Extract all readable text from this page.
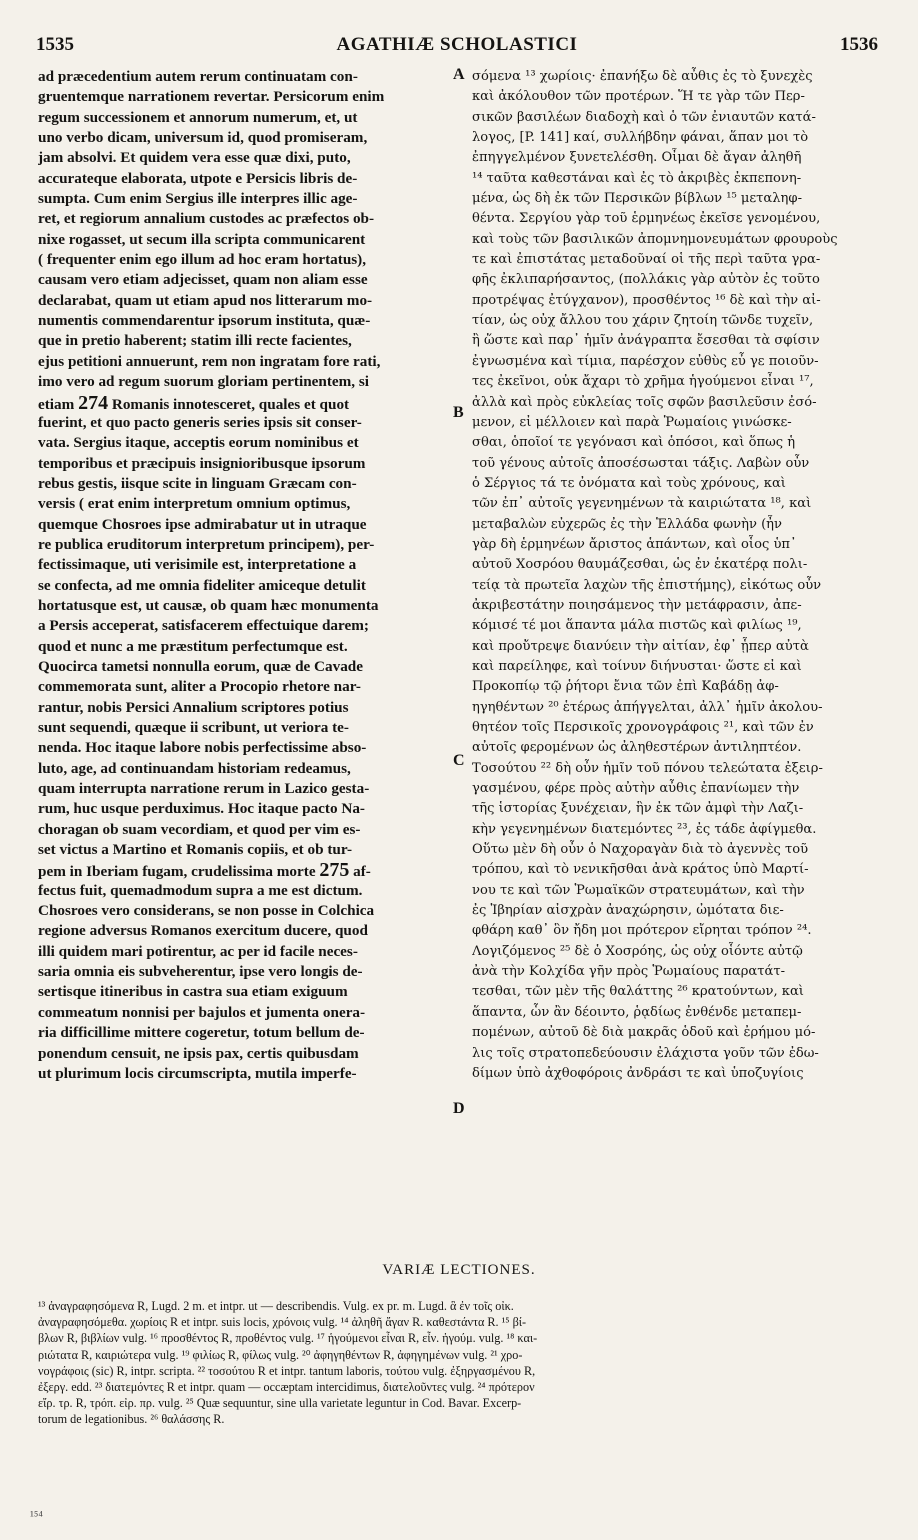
1535	AGATHIÆ SCHOLASTICI	1536
ad præcedentium autem rerum continuatam con-
gruentemque narrationem revertar. Persicorum enim
regum successionem et annorum numerum, et, ut
uno verbo dicam, universum id, quod promiseram,
jam absolvi. Et quidem vera esse quæ dixi, puto,
accurateque elaborata, utpote e Persicis libris de-
sumpta. Cum enim Sergius ille interpres illic age-
ret, et regiorum annalium custodes ac præfectos ob-
nixe rogasset, ut secum illa scripta communicarent
( frequenter enim ego illum ad hoc eram hortatus),
causam vero etiam adjecisset, quam non aliam esse
declarabat, quam ut etiam apud nos litterarum mo-
numentis commendarentur ipsorum instituta, quæ-
que in pretio haberent; statim illi recte facientes,
ejus petitioni annuerunt, rem non ingratam fore rati,
imo vero ad regum suorum gloriam pertinentem, si
etiam 274 Romanis innotesceret, quales et quot
fuerint, et quo pacto generis series ipsis sit conser-
vata. Sergius itaque, acceptis eorum nominibus et
temporibus et præcipuis insignioribusque ipsorum
rebus gestis, iisque scite in linguam Græcam con-
versis ( erat enim interpretum omnium optimus,
quemque Chosroes ipse admirabatur ut in utraque
re publica eruditorum interpretum principem), per-
fectissimaque, uti verisimile est, interpretatione a
se confecta, ad me omnia fideliter amiceque detulit
hortatusque est, ut causæ, ob quam hæc monumenta
a Persis acceperat, satisfacerem effectuique darem;
quod et nunc a me præstitum perfectumque est.
Quocirca tametsi nonnulla eorum, quæ de Cavade
commemorata sunt, aliter a Procopio rhetore nar-
rantur, nobis Persici Annalium scriptores potius
sunt sequendi, quæque ii scribunt, ut veriora te-
nenda. Hoc itaque labore nobis perfectissime abso-
luto, age, ad continuandam historiam redeamus,
quam interrupta narratione rerum in Lazico gesta-
rum, huc usque perduximus. Hoc itaque pacto Na-
choragan ob suam vecordiam, et quod per vim es-
set victus a Martino et Romanis copiis, et ob tur-
pem in Iberiam fugam, crudelissima morte 275 af-
fectus fuit, quemadmodum supra a me est dictum.
Chosroes vero considerans, se non posse in Colchica
regione adversus Romanos exercitum ducere, quod
illi quidem mari potirentur, ac per id facile neces-
saria omnia eis subveherentur, ipse vero longis de-
sertisque itineribus in castra sua etiam exiguum
commeatum nonnisi per bajulos et jumenta onera-
ria difficillime mittere cogeretur, totum bellum de-
ponendum censuit, ne ipsis pax, certis quibusdam
ut plurimum locis circumscripta, mutila imperfe-
σόμενα ¹³ χωρίοις· ἐπανήξω δὲ αὖθις ἐς τὸ ξυνεχὲς
καὶ ἀκόλουθον τῶν προτέρων. Ἥ τε γὰρ τῶν Περ-
σικῶν βασιλέων διαδοχὴ καὶ ὁ τῶν ἐνιαυτῶν κατά-
λογος, [P. 141] καί, συλλήβδην φάναι, ἅπαν μοι τὸ
ἐπηγγελμένον ξυνετελέσθη. Οἶμαι δὲ ἄγαν ἀληθῆ
¹⁴ ταῦτα καθεστάναι καὶ ἐς τὸ ἀκριβὲς ἐκπεπονη-
μένα, ὡς δὴ ἐκ τῶν Περσικῶν βίβλων ¹⁵ μεταληφ-
θέντα. Σεργίου γὰρ τοῦ ἑρμηνέως ἐκεῖσε γενομένου,
καὶ τοὺς τῶν βασιλικῶν ἀπομνημονευμάτων φρουροὺς
τε καὶ ἐπιστάτας μεταδοῦναί οἱ τῆς περὶ ταῦτα γρα-
φῆς ἐκλιπαρήσαντος, (πολλάκις γὰρ αὐτὸν ἐς τοῦτο
προτρέψας ἐτύγχανον), προσθέντος ¹⁶ δὲ καὶ τὴν αἰ-
τίαν, ὡς οὐχ ἄλλου του χάριν ζητοίη τῶνδε τυχεῖν,
ἢ ὥστε καὶ παρ᾽ ἡμῖν ἀνάγραπτα ἔσεσθαι τὰ σφίσιν
ἐγνωσμένα καὶ τίμια, παρέσχον εὐθὺς εὖ γε ποιοῦν-
τες ἐκεῖνοι, οὐκ ἄχαρι τὸ χρῆμα ἡγούμενοι εἶναι ¹⁷,
ἀλλὰ καὶ πρὸς εὐκλείας τοῖς σφῶν βασιλεῦσιν ἐσό-
μενον, εἰ μέλλοιεν καὶ παρὰ Ῥωμαίοις γινώσκε-
σθαι, ὁποῖοί τε γεγόνασι καὶ ὁπόσοι, καὶ ὅπως ἡ
τοῦ γένους αὐτοῖς ἀποσέσωσται τάξις. Λαβὼν οὖν
ὁ Σέργιος τά τε ὀνόματα καὶ τοὺς χρόνους, καὶ
τῶν ἐπ᾽ αὐτοῖς γεγενημένων τὰ καιριώτατα ¹⁸, καὶ
μεταβαλὼν εὐχερῶς ἐς τὴν Ἑλλάδα φωνὴν (ἦν
γὰρ δὴ ἑρμηνέων ἄριστος ἁπάντων, καὶ οἷος ὑπ᾽
αὐτοῦ Χοσρόου θαυμάζεσθαι, ὡς ἐν ἑκατέρᾳ πολι-
τείᾳ τὰ πρωτεῖα λαχὼν τῆς ἐπιστήμης), εἰκότως οὖν
ἀκριβεστάτην ποιησάμενος τὴν μετάφρασιν, ἀπε-
κόμισέ τέ μοι ἅπαντα μάλα πιστῶς καὶ φιλίως ¹⁹,
καὶ προὔτρεψε διανύειν τὴν αἰτίαν, ἐφ᾽ ᾗπερ αὐτὰ
καὶ παρείληφε, καὶ τοίνυν διήνυσται· ὥστε εἰ καὶ
Προκοπίῳ τῷ ῥήτορι ἔνια τῶν ἐπὶ Καβάδῃ ἀφ-
ηγηθέντων ²⁰ ἑτέρως ἀπήγγελται, ἀλλ᾽ ἡμῖν ἀκολου-
θητέον τοῖς Περσικοῖς χρονογράφοις ²¹, καὶ τῶν ἐν
αὐτοῖς φερομένων ὡς ἀληθεστέρων ἀντιληπτέον.
Τοσούτου ²² δὴ οὖν ἡμῖν τοῦ πόνου τελεώτατα ἐξειρ-
γασμένου, φέρε πρὸς αὐτὴν αὖθις ἐπανίωμεν τὴν
τῆς ἱστορίας ξυνέχειαν, ἣν ἐκ τῶν ἀμφὶ τὴν Λαζι-
κὴν γεγενημένων διατεμόντες ²³, ἐς τάδε ἀφίγμεθα.
Οὕτω μὲν δὴ οὖν ὁ Ναχοραγὰν διὰ τὸ ἀγεννὲς τοῦ
τρόπου, καὶ τὸ νενικῆσθαι ἀνὰ κράτος ὑπὸ Μαρτί-
νου τε καὶ τῶν Ῥωμαϊκῶν στρατευμάτων, καὶ τὴν
ἐς Ἰβηρίαν αἰσχρὰν ἀναχώρησιν, ὠμότατα διε-
φθάρη καθ᾽ ὃν ἤδη μοι πρότερον εἴρηται τρόπον ²⁴.
Λογιζόμενος ²⁵ δὲ ὁ Χοσρόης, ὡς οὐχ οἷόντε αὐτῷ
ἀνὰ τὴν Κολχίδα γῆν πρὸς Ῥωμαίους παρατάτ-
τεσθαι, τῶν μὲν τῆς θαλάττης ²⁶ κρατούντων, καὶ
ἅπαντα, ὧν ἂν δέοιντο, ῥᾳδίως ἐνθένδε μεταπεμ-
πομένων, αὐτοῦ δὲ διὰ μακρᾶς ὁδοῦ καὶ ἐρήμου μό-
λις τοῖς στρατοπεδεύουσιν ἐλάχιστα γοῦν τῶν ἐδω-
δίμων ὑπὸ ἀχθοφόροις ἀνδράσι τε καὶ ὑποζυγίοις
A
B
C
D
VARIÆ LECTIONES.
¹³ ἀναγραφησόμενα R, Lugd. 2 m. et intpr. ut — describendis. Vulg. ex pr. m. Lugd. ἃ ἐν τοῖς οἰκ.
ἀναγραφησόμεθα. χωρίοις R et intpr. suis locis, χρόνοις vulg. ¹⁴ ἀληθῆ ἄγαν R. καθεστάντα R. ¹⁵ βί-
βλων R, βιβλίων vulg. ¹⁶ προσθέντος R, προθέντος vulg. ¹⁷ ἡγούμενοι εἶναι R, εἶν. ἡγούμ. vulg. ¹⁸ και-
ριώτατα R, καιριώτερα vulg. ¹⁹ φιλίως R, φίλως vulg. ²⁰ ἀφηγηθέντων R, ἀφηγημένων vulg. ²¹ χρο-
νογράφοις (sic) R, intpr. scripta. ²² τοσούτου R et intpr. tantum laboris, τούτου vulg. ἐξηργασμένου R,
ἐξεργ. edd. ²³ διατεμόντες R et intpr. quam — occæptam intercidimus, διατελοῦντες vulg. ²⁴ πρότερον
εἴρ. τρ. R, τρόπ. εἰρ. πρ. vulg. ²⁵ Quæ sequuntur, sine ulla varietate leguntur in Cod. Bavar. Excerp-
torum de legationibus. ²⁶ θαλάσσης R.
¹⁵⁴
